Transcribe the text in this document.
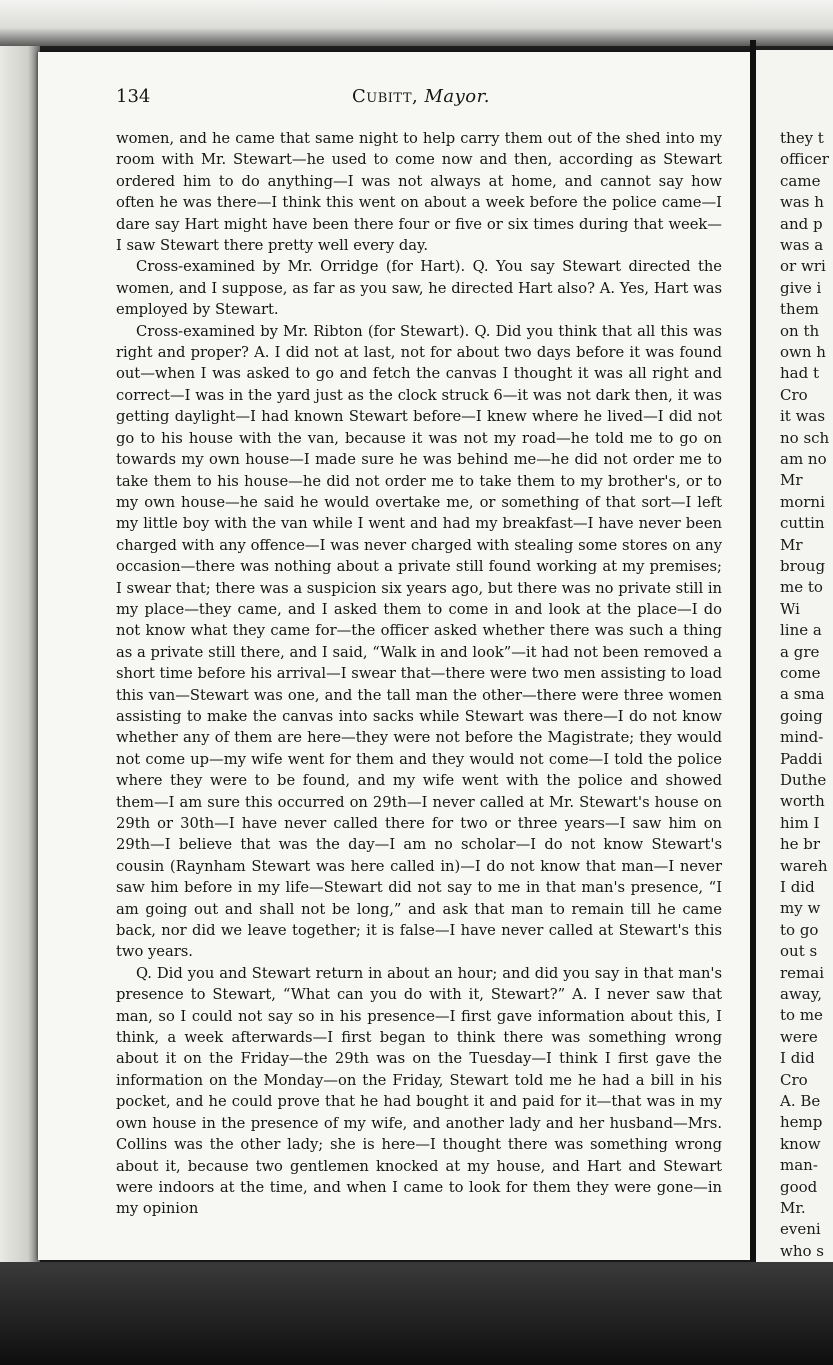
they t
officer
came
was h
and p
was a
or wri
give i
them
on th
own h
had t
Cro
it was
no sch
am no
Mr
morni
cuttin
Mr
broug
me to
Wi
line a
a gre
come
a sma
going
mind-
Paddi
Duthe
worth
him I
he br
wareh
I did
my w
to go
out s
remai
away,
to me
were
I did
Cro
A. Be
hemp
know
man-
good
Mr.
eveni
who s
134	Cubitt, Mayor.

women, and he came that same night to help carry them out of the shed into my room with Mr. Stewart—he used to come now and then, according as Stewart ordered him to do anything—I was not always at home, and cannot say how often he was there—I think this went on about a week before the police came—I dare say Hart might have been there four or five or six times during that week—I saw Stewart there pretty well every day.

Cross-examined by Mr. Orridge (for Hart). Q. You say Stewart directed the women, and I suppose, as far as you saw, he directed Hart also? A. Yes, Hart was employed by Stewart.

Cross-examined by Mr. Ribton (for Stewart). Q. Did you think that all this was right and proper? A. I did not at last, not for about two days before it was found out—when I was asked to go and fetch the canvas I thought it was all right and correct—I was in the yard just as the clock struck 6—it was not dark then, it was getting daylight—I had known Stewart before—I knew where he lived—I did not go to his house with the van, because it was not my road—he told me to go on towards my own house—I made sure he was behind me—he did not order me to take them to his house—he did not order me to take them to my brother's, or to my own house—he said he would overtake me, or something of that sort—I left my little boy with the van while I went and had my breakfast—I have never been charged with any offence—I was never charged with stealing some stores on any occasion—there was nothing about a private still found working at my premises; I swear that; there was a suspicion six years ago, but there was no private still in my place—they came, and I asked them to come in and look at the place—I do not know what they came for—the officer asked whether there was such a thing as a private still there, and I said, “Walk in and look”—it had not been removed a short time before his arrival—I swear that—there were two men assisting to load this van—Stewart was one, and the tall man the other—there were three women assisting to make the canvas into sacks while Stewart was there—I do not know whether any of them are here—they were not before the Magistrate; they would not come up—my wife went for them and they would not come—I told the police where they were to be found, and my wife went with the police and showed them—I am sure this occurred on 29th—I never called at Mr. Stewart's house on 29th or 30th—I have never called there for two or three years—I saw him on 29th—I believe that was the day—I am no scholar—I do not know Stewart's cousin (Raynham Stewart was here called in)—I do not know that man—I never saw him before in my life—Stewart did not say to me in that man's presence, “I am going out and shall not be long,” and ask that man to remain till he came back, nor did we leave together; it is false—I have never called at Stewart's this two years.

Q. Did you and Stewart return in about an hour; and did you say in that man's presence to Stewart, “What can you do with it, Stewart?” A. I never saw that man, so I could not say so in his presence—I first gave information about this, I think, a week afterwards—I first began to think there was something wrong about it on the Friday—the 29th was on the Tuesday—I think I first gave the information on the Monday—on the Friday, Stewart told me he had a bill in his pocket, and he could prove that he had bought it and paid for it—that was in my own house in the presence of my wife, and another lady and her husband—Mrs. Collins was the other lady; she is here—I thought there was something wrong about it, because two gentlemen knocked at my house, and Hart and Stewart were indoors at the time, and when I came to look for them they were gone—in my opinion
